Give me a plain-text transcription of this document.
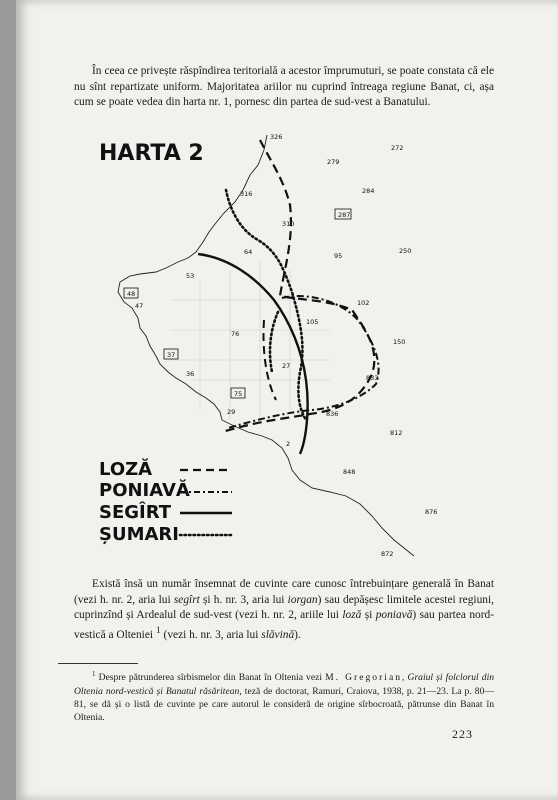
În ceea ce privește răspîndirea teritorială a acestor împrumuturi, se poate constata că ele nu sînt repartizate uniform. Majoritatea ariilor nu cuprind întreaga regiune Banat, ci, așa cum se poate vedea din harta nr. 1, pornesc din partea de sud-vest a Banatului.

HARTA 2
326
279
272
316	284
310
287
64	95
250
53
48
47	102
105
76
150
37
27
36	833
75
29	836
812
2
848
876
872
LOZĂ
PONIAVĂ
SEGÎRT
ȘUMARI

Există însă un număr însemnat de cuvinte care cunosc întrebuințare generală în Banat (vezi h. nr. 2, aria lui segîrt și h. nr. 3, aria lui iorgan) sau depășesc limitele acestei regiuni, cuprinzînd și Ardealul de sud-vest (vezi h. nr. 2, ariile lui loză și poniavă) sau partea nord-vestică a Olteniei $^1$ (vezi h. nr. 3, aria lui slăvină).

$^1$ Despre pătrunderea sîrbismelor din Banat în Oltenia vezi M. Gregorian, Graiul și folclorul din Oltenia nord-vestică și Banatul răsăritean, teză de doctorat, Ramuri, Craiova, 1938, p. 21—23. La p. 80—81, se dă și o listă de cuvinte pe care autorul le consideră de origine sîrbocroată, pătrunse din Banat în Oltenia.

223
